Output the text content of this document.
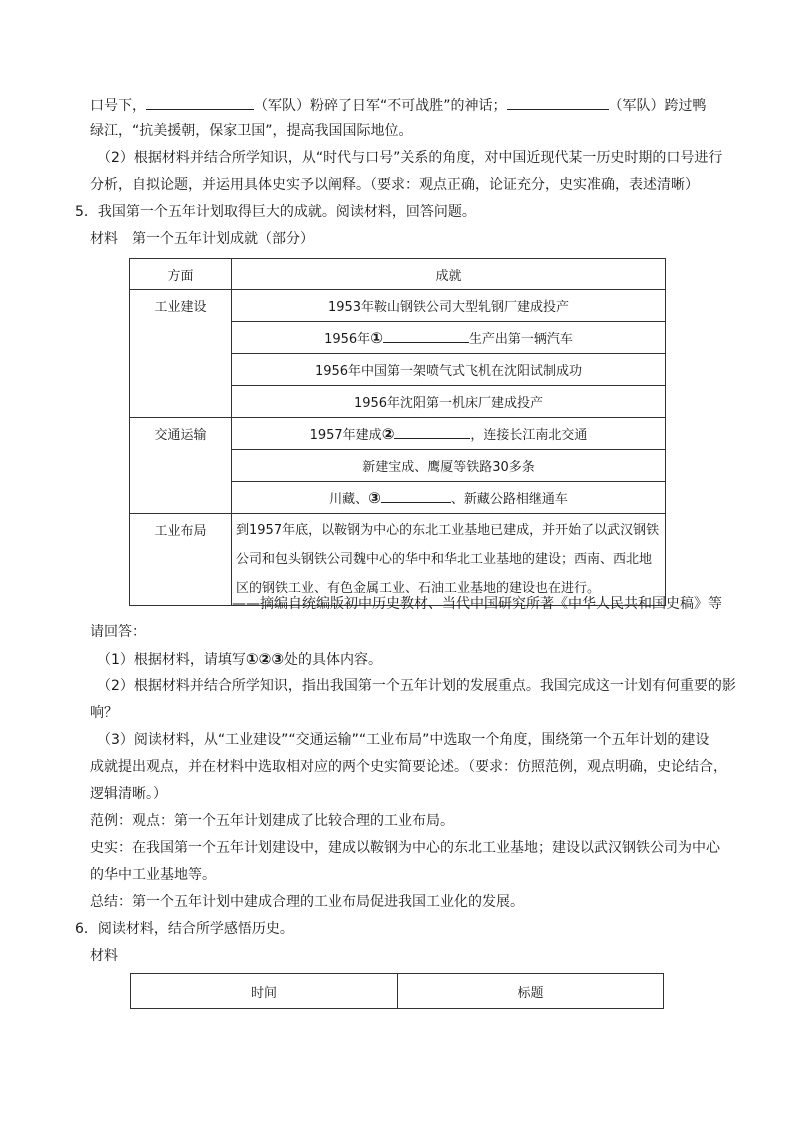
口号下，	（军队）粉碎了日军“不可战胜”的神话；	（军队）跨过鸭
绿江，“抗美援朝，保家卫国”，提高我国国际地位。
（2）根据材料并结合所学知识，从“时代与口号”关系的角度，对中国近现代某一历史时期的口号进行
分析，自拟论题，并运用具体史实予以阐释。（要求：观点正确，论证充分，史实准确，表述清晰）
5．我国第一个五年计划取得巨大的成就。阅读材料，回答问题。
材料　第一个五年计划成就（部分）
方面	成就
工业建设	1953年鞍山钢铁公司大型轧钢厂建成投产
	1956年① 生产出第一辆汽车
	1956年中国第一架喷气式飞机在沈阳试制成功
	1956年沈阳第一机床厂建成投产
交通运输	1957年建成② ，连接长江南北交通
	新建宝成、鹰厦等铁路30多条
	川藏、③ 、新藏公路相继通车
工业布局	到1957年底，以鞍钢为中心的东北工业基地已建成，并开始了以武汉钢铁公司和包头钢铁公司魏中心的华中和华北工业基地的建设；西南、西北地区的钢铁工业、有色金属工业、石油工业基地的建设也在进行。
——摘编自统编版初中历史教材、当代中国研究所著《中华人民共和国史稿》等
请回答：
（1）根据材料，请填写①②③处的具体内容。
（2）根据材料并结合所学知识，指出我国第一个五年计划的发展重点。我国完成这一计划有何重要的影
响？
（3）阅读材料，从“工业建设”“交通运输”“工业布局”中选取一个角度，围绕第一个五年计划的建设
成就提出观点，并在材料中选取相对应的两个史实简要论述。（要求：仿照范例，观点明确，史论结合，
逻辑清晰。）
范例：观点：第一个五年计划建成了比较合理的工业布局。
史实：在我国第一个五年计划建设中，建成以鞍钢为中心的东北工业基地；建设以武汉钢铁公司为中心
的华中工业基地等。
总结：第一个五年计划中建成合理的工业布局促进我国工业化的发展。
6．阅读材料，结合所学感悟历史。
材料
时间	标题
